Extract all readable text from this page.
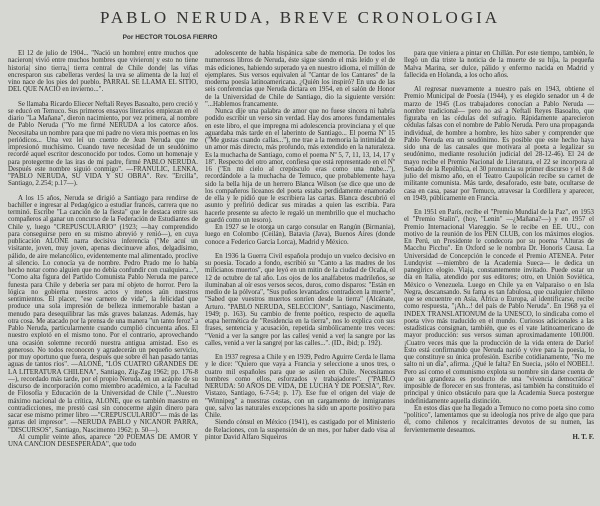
PABLO NERUDA, BREVE CRONOLOGIA
Por HECTOR TOLOSA FIERRO

El 12 de julio de 1904... "Nació un hombre| entre muchos que nacieron| vivió entre muchos hombres que vivieron| y esto no tiene historia| sino tierra,| tierra central de Chile donde| las viñas encresparon sus cabelleras verdes| la uva se alimenta de la luz| el vino nace de los pies del pueblo. PARRAL SE LLAMA EL SITIO, DEL QUE NACIO en invierno...".

Se llamaba Ricardo Eliecer Neftalí Reyes Basoalto, pero creció y se educó en Temuco. Sus primeros ensayos literarios empiezan en el diario "La Mañana", dieron nacimiento, por vez primera, al nombre de Pablo Neruda ("Yo me firmé NERUDA a los catorce años. Necesitaba un nombre para que mi padre no viera mis poemas en los periódicos... Una vez leí un cuento de Jean Neruda que me impresionó muchísimo. Cuando tuve necesidad de un seudónimo recordé aquel escritor desconocido por todos. Como un homenaje y para protegerme de las iras de mi padre, firmé PABLO NERUDA. Después este nombre siguió conmigo". —FRANULIC, LENKA, "PABLO NERUDA, SU VIDA Y SU OBRA". Rev. "Ercilla", Santiago, 2.254; p.17—).

A los 15 años, Neruda se dirigió a Santiago para rendirse de bachiller e ingresar al Pedagógico a estudiar francés, carrera que no terminó. Escribe "La canción de la fiesta" que le destaca entre sus compañeros al ganar un concurso de la Federación de Estudiantes de Chile y, luego "CREPUSCULARIO" (1923; —hay comprendido para conseguirse pero en su mismo abrevió y renió—), en cuya publicación ALONE narra decisiva inferencia ("Me acuí un visitante, joven, muy joven, apenas diecinueve años, delgadísimo, pálido, de aire melancólico, evidentemente mal alimentado, proclive al silencio. Lo conocía ya de nombre. Pedro Prado me lo había hecho notar como alguien que no debía confundir con cualquiera...", "Como alta figura del Partido Comunista Pablo Neruda me parece funesta para Chile y debería ser para mí objeto de horror. Pero la lógica no gobierna nuestros actos y menos aún nuestros sentimientos. El placer, "ese carnero de vida", la felicidad que produce una sola impresión de belleza inmemorable bastan a menudo para desequilibrar las más graves balanzas. Además, hay otra cosa. Me atacado por la prensa de una manera "un tanto feroz" a Pablo Neruda, particularmente cuando cumplió cincuenta años. El nuestro explotó en el mismo tono. Por el contrario, aprovechando una ocasión solemne recordó nuestra antigua amistad. Eso es generoso. No todos reconocen y agradecerán un pequeño servicio, por muy oportuno que fuera, después que sobre él han pasado tantas aguas de tantos ríos". —ALONE, "LOS CUATRO GRANDES DE LA LITERATURA CHILENA", Santiago, Zig-Zag 1962; pp. 176-8—), recordado más tarde, por el propio Neruda, en un acápite de su discurso de incorporación como miembro académico, a la Facultad de Filosofía y Educación de la Universidad de Chile ("...Nuestro máximo nacional de la crítica, ALONE, que es también maestro en contradicciones, me prestó casi sin conocerme algún dinero para sacar ese mismo primer libro —"CREPUSCULARIO"— más de las garras del impresor". —NERUDA PABLO y NICANOR PARRA, "DISCURSOS", Santiago, Nascimento 1962; p. 50—).

Al cumplir veinte años, aparece "20 POEMAS DE AMOR Y UNA CANCION DESESPERADA", que todo

adolescente de habla hispánica sabe de memoria. De todos los numerosos libros de Neruda, éste sigue siendo el más leído y el de más ediciones, habiendo superado ya en nuestro idioma, el millón de ejemplares. Sus versos equivalen al "Cantar de los Cantares" de la moderna poesía latinoamericana. ¿Quién los inspiró? En una de las seis conferencias que Neruda dictara en 1954, en el salón de Honor de la Universidad de Chile de Santiago, dio la siguiente versión: "...Hablemos francamente.

Nunca dije una palabra de amor que no fuese sincera ni habría podido escribir un verso sin verdad. Hay dos amores fundamentales en este libro, el que impregna mi adolescencia provinciana y el que aguardaba más tarde en el laberinto de Santiago... El poema Nº 15 ("Me gustas cuando callas..."), me trae a la memoria la intimidad de un amor más directo, más profundo, más extendido en la naturaleza. Es la muchacha de Santiago, como el poema Nº 5, 7, 11, 13, 14, 17 y 18". Respecto del otro amor, confiesa que está representado en el Nº 16 ("En mi cielo al crepúsculo eras como una nube..."), recordándole a la muchacha de Temuco, que probablemente haya sido la bella hija de un herrero Blanca Wilson (se dice que uno de los compañeros liceanos del poeta estaba perdidamente enamorado de ella y le pidió que le escribiera las cartas. Blanca descubrió el asunto y prefirió dedicar sus miradas a quien las escribía. Para hacerle presente su afecto le regaló un membrillo que el muchacho guardó como un tesoro).

En 1927 se le otorga un cargo consular en Rangún (Birmania), luego en Colombo (Ceilán), Batavia (Java), Buenos Aires (donde conoce a Federico García Lorca), Madrid y México.

En 1936 la Guerra Civil española produjo un vuelco decisivo en su poesía. Tocado a fondo, escribió su "Canto a las madres de los milicianos muertos", que leyó en un mitin de la ciudad de Ocaña, el 12 de octubre de tal año. Los ojos de los analfabetos madrileños, se iluminaban al oír esos versos secos, duros, como disparos: "Están en medio de la pólvora", "Sus puños levantados contradicen la muerte", "Sabed que vuestros muertos sonríen desde la tierra" (Alcánate, Arturo. "PABLO NERUDA, SELECCION", Santiago, Nascimento, 1949; p. 163). Su cambio de frente poético, respecto de aquella etapa hermética de "Residencia en la tierra", nos lo explica con sus frases, sentencia y acusación, repetida simbólicamente tres veces: "Venid a ver la sangre por las calles| venid a ver| la sangre por las calles, venid a ver la sangre| por las calles...". (ID., ibid; p. 192).

En 1937 regresa a Chile y en 1939, Pedro Aguirre Cerda le llama y le dice: "Quiero que vaya a Francia y seleccione a unos tres, o cuatro mil españoles para que se asilen en Chile. Necesitamos hombres como ellos, esforzados y trabajadores". ("PABLO NERUDA: 50 AÑOS DE VIDA, DE LUCHA Y DE POESIA", Rev. Vistazo, Santiago, 6-7-54; p. 17). Ese fue el origen del viaje de "Winnipeg" a nuestras costas, con un cargamento de inmigrantes que, salvo las naturales excepciones ha sido un aporte positivo para Chile.

Siendo cónsul en México (1941), es castigado por el Ministerio de Relaciones, con la suspensión de un mes, por haber dado visa al pintor David Alfaro Siqueiros

para que viniera a pintar en Chillán. Por este tiempo, también, le llegó un día triste la noticia de la muerte de su hija, la pequeña Malva Marina, ser dulce, pálido y enfermo nacida en Madrid y fallecida en Holanda, a los ocho años.

Al regresar nuevamente a nuestro país en 1943, obtiene el Premio Municipal de Poesía (1944), y es elegido senador un 4 de marzo de 1945 (Los trabajadores conocían a Pablo Neruda —nombre tradicional— pero no así a Neftalí Reyes Basoalto, que figuraba en las cédulas del sufragio. Rápidamente aparecieron cédulas falsas con el nombre de Pablo Neruda. Pero una propaganda individual, de hombre a hombre, les hizo saber y comprender que Pablo Neruda era un seudónimo. Es posible que este hecho haya sido una de las causales que motivara al poeta a legalizar su seudónimo, mediante resolución judicial del 28-12-46). El 24 de mayo recibe el Premio Nacional de Literatura, el 22 se incorpora al Senado de la República, el 30 pronuncia su primer discurso y el 8 de julio del mismo año, en el Teatro Caupolicán recibe su carnet de militante comunista. Más tarde, desaforado, este bate, ocultarse de casa en casa, pasar por Temuco, atravesar la Cordillera y aparecer, en 1949, públicamente en Francia.

En 1951 en París, recibe el "Premio Mundial de la Paz", en 1953 el "Premio Stalin", (hoy, "Lenin" —¿Mañana?—) y en 1957 el Premio Internacional Viareggio. Se le recibe en EE. UU., con motivo de la reunión de los PEN CLUB, con los máximos elogios. En Perú, un Presidente le condecora por su poema "Alturas de Macchu Picchu". En Oxford se le nombra Dr. Honoris Causa. La Universidad de Concepción le concede el Premio ATENEA. Peter Lundqvist —miembro de la Academia Sueca— le dedica un panegírico elogio. Viaja, constantemente invitado. Puede estar un día en Italia, atendido por sus editores; otro, en Unión Soviética, México o Venezuela. Luego en Chile ya en Valparaíso o en Isla Negra, descansando. Su fama es tan fabulosa, que cualquier chileno que se encuentre en Asia, África o Europa, al identificarse, recibe como respuesta, "¡Ah...! del país de Pablo Neruda". En 1968 ya el INDEX TRANSLATIONUM de la UNESCO, lo sindicaba como el poeta vivo más traducido en el mundo. Curiosos adicionales a las estadísticas consignan, también, que es el vate latinoamericano de mayor producción: sus versos suman aproximadamente 100.000. ¡Cuatro veces más que la producción de la vida entera de Darío! Esto está confirmando que Neruda nació y vive para la poesía, lo que constituye su única profesión. Escribe cotidianamente, "No me salto ni un día", afirma. ¿Qué le falta? En Suecia, ¡sólo el NOBEL!. Pero así como el comunismo explota su nombre sin darse cuenta de que su grandeza es producto de una "vivencia democrática" imposible de florecer en sus fronteras, así también ha constituido el principal y único obstáculo para que la Academia Sueca postergue indefinidamente aquella distinción.

En estos días que ha llegado a Temuco no como poeta sino como "político", lamentamos que su ideología nos prive de algo que para él, como chilenos y recalcitrantes devotos de su numen, las fervientemente deseamos.

H. T. F.
